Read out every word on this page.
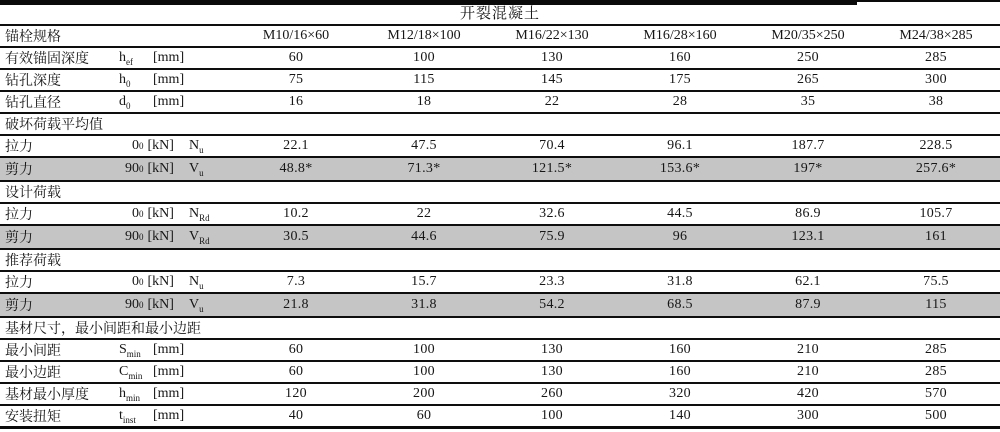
开裂混凝土
锚栓规格	M10/16×60	M12/18×100	M16/22×130	M16/28×160	M20/35×250	M24/38×285

有效锚固深度 $h_{ef}$ [mm]	60	100	130	160	250	285

钻孔深度 $h_0$ [mm]	75	115	145	175	265	300

钻孔直径 $d_0$ [mm]	16	18	22	28	35	38
破坏荷载平均值						

拉力 0 0 [kN] $N_u$	22.1	47.5	70.4	96.1	187.7	228.5

剪力 90 0 [kN] $V_u$	48.8*	71.3*	121.5*	153.6*	197*	257.6*
设计荷载						

拉力 0 0 [kN] $N_{Rd}$	10.2	22	32.6	44.5	86.9	105.7

剪力 90 0 [kN] $V_{Rd}$	30.5	44.6	75.9	96	123.1	161
推荐荷载						

拉力 0 0 [kN] $N_u$	7.3	15.7	23.3	31.8	62.1	75.5

剪力 90 0 [kN] $V_u$	21.8	31.8	54.2	68.5	87.9	115
基材尺寸，最小间距和最小边距						

最小间距 $S_{min}$ [mm]	60	100	130	160	210	285

最小边距 $C_{min}$ [mm]	60	100	130	160	210	285

基材最小厚度 $h_{min}$ [mm]	120	200	260	320	420	570

安装扭矩 $t_{inst}$ [mm]	40	60	100	140	300	500
